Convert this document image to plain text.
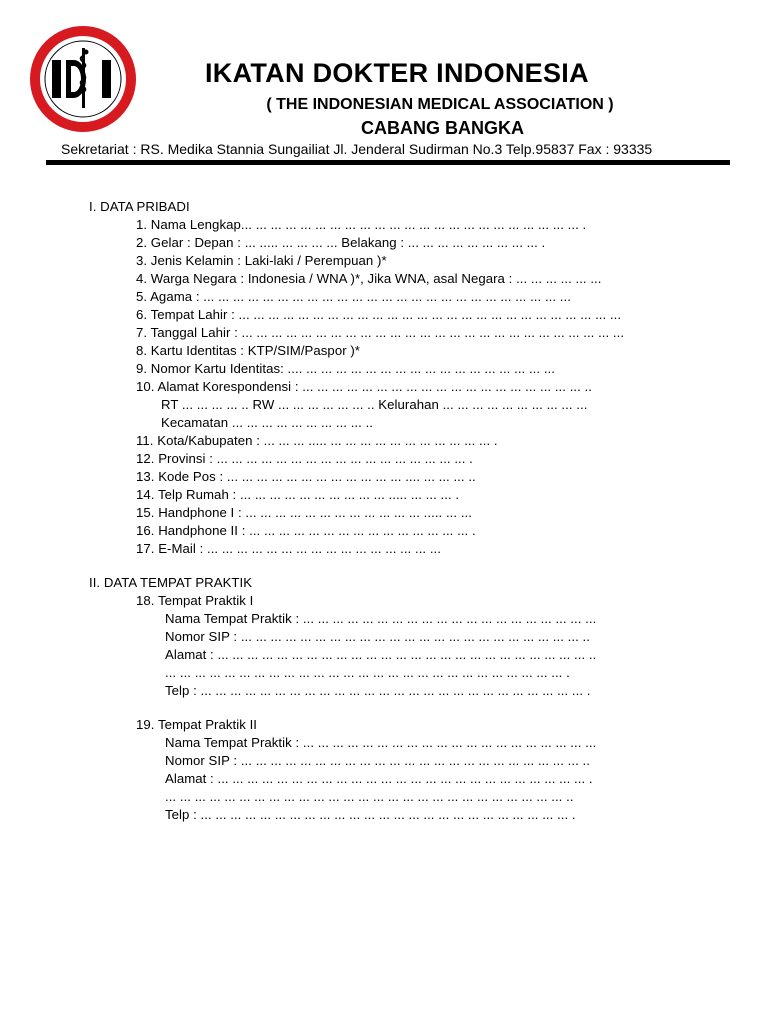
IKATAN DOKTER INDONESIA
( THE INDONESIAN MEDICAL ASSOCIATION )
CABANG BANGKA
Sekretariat : RS. Medika Stannia Sungailiat Jl. Jenderal Sudirman No.3 Telp.95837 Fax : 93335
I. DATA PRIBADI
1. Nama Lengkap... ... ... ... ... ... ... ... ... ... ... ... ... ... ... ... ... ... ... ... ... ... ... .
2. Gelar : Depan : ... ..... ... ... ... ... Belakang : ... ... ... ... ... ... ... ... ... .
3. Jenis Kelamin : Laki-laki / Perempuan )*
4. Warga Negara : Indonesia / WNA )*, Jika WNA, asal Negara : ... ... ... ... ... ...
5. Agama : ... ... ... ... ... ... ... ... ... ... ... ... ... ... ... ... ... ... ... ... ... ... ... ... ...
6. Tempat Lahir : ... ... ... ... ... ... ... ... ... ... ... ... ... ... ... ... ... ... ... ... ... ... ... ... ... ...
7. Tanggal Lahir : ... ... ... ... ... ... ... ... ... ... ... ... ... ... ... ... ... ... ... ... ... ... ... ... ... ...
8. Kartu Identitas : KTP/SIM/Paspor )*
9. Nomor Kartu Identitas: .... ... ... ... ... ... ... ... ... ... ... ... ... ... ... ... ... ...
10. Alamat Korespondensi : ... ... ... ... ... ... ... ... ... ... ... ... ... ... ... ... ... ... ... ..
RT ... ... ... ... .. RW ... ... ... ... ... ... .. Kelurahan ... ... ... ... ... ... ... ... ... ...
Kecamatan ... ... ... ... ... ... ... ... ... ..
11. Kota/Kabupaten : ... ... ... ..... ... ... ... ... ... ... ... ... ... ... ... .
12. Provinsi : ... ... ... ... ... ... ... ... ... ... ... ... ... ... ... ... ... .
13. Kode Pos : ... ... ... ... ... ... ... ... ... ... ... ... .... ... ... ... ..
14. Telp Rumah : ... ... ... ... ... ... ... ... ... ... ..... ... ... ... .
15. Handphone I : ... ... ... ... ... ... ... ... ... ... ... ... ..... ... ...
16. Handphone II : ... ... ... ... ... ... ... ... ... ... ... ... ... ... ... .
17. E-Mail : ... ... ... ... ... ... ... ... ... ... ... ... ... ... ... ...
II. DATA TEMPAT PRAKTIK
18. Tempat Praktik I
Nama Tempat Praktik : ... ... ... ... ... ... ... ... ... ... ... ... ... ... ... ... ... ... ... ...
Nomor SIP : ... ... ... ... ... ... ... ... ... ... ... ... ... ... ... ... ... ... ... ... ... ... ... ..
Alamat : ... ... ... ... ... ... ... ... ... ... ... ... ... ... ... ... ... ... ... ... ... ... ... ... ... ..
... ... ... ... ... ... ... ... ... ... ... ... ... ... ... ... ... ... ... ... ... ... ... ... ... ... ... .
Telp : ... ... ... ... ... ... ... ... ... ... ... ... ... ... ... ... ... ... ... ... ... ... ... ... ... ... .
19. Tempat Praktik II
Nama Tempat Praktik : ... ... ... ... ... ... ... ... ... ... ... ... ... ... ... ... ... ... ... ...
Nomor SIP : ... ... ... ... ... ... ... ... ... ... ... ... ... ... ... ... ... ... ... ... ... ... ... ..
Alamat : ... ... ... ... ... ... ... ... ... ... ... ... ... ... ... ... ... ... ... ... ... ... ... ... ... .
... ... ... ... ... ... ... ... ... ... ... ... ... ... ... ... ... ... ... ... ... ... ... ... ... ... ... ..
Telp : ... ... ... ... ... ... ... ... ... ... ... ... ... ... ... ... ... ... ... ... ... ... ... ... ... .
